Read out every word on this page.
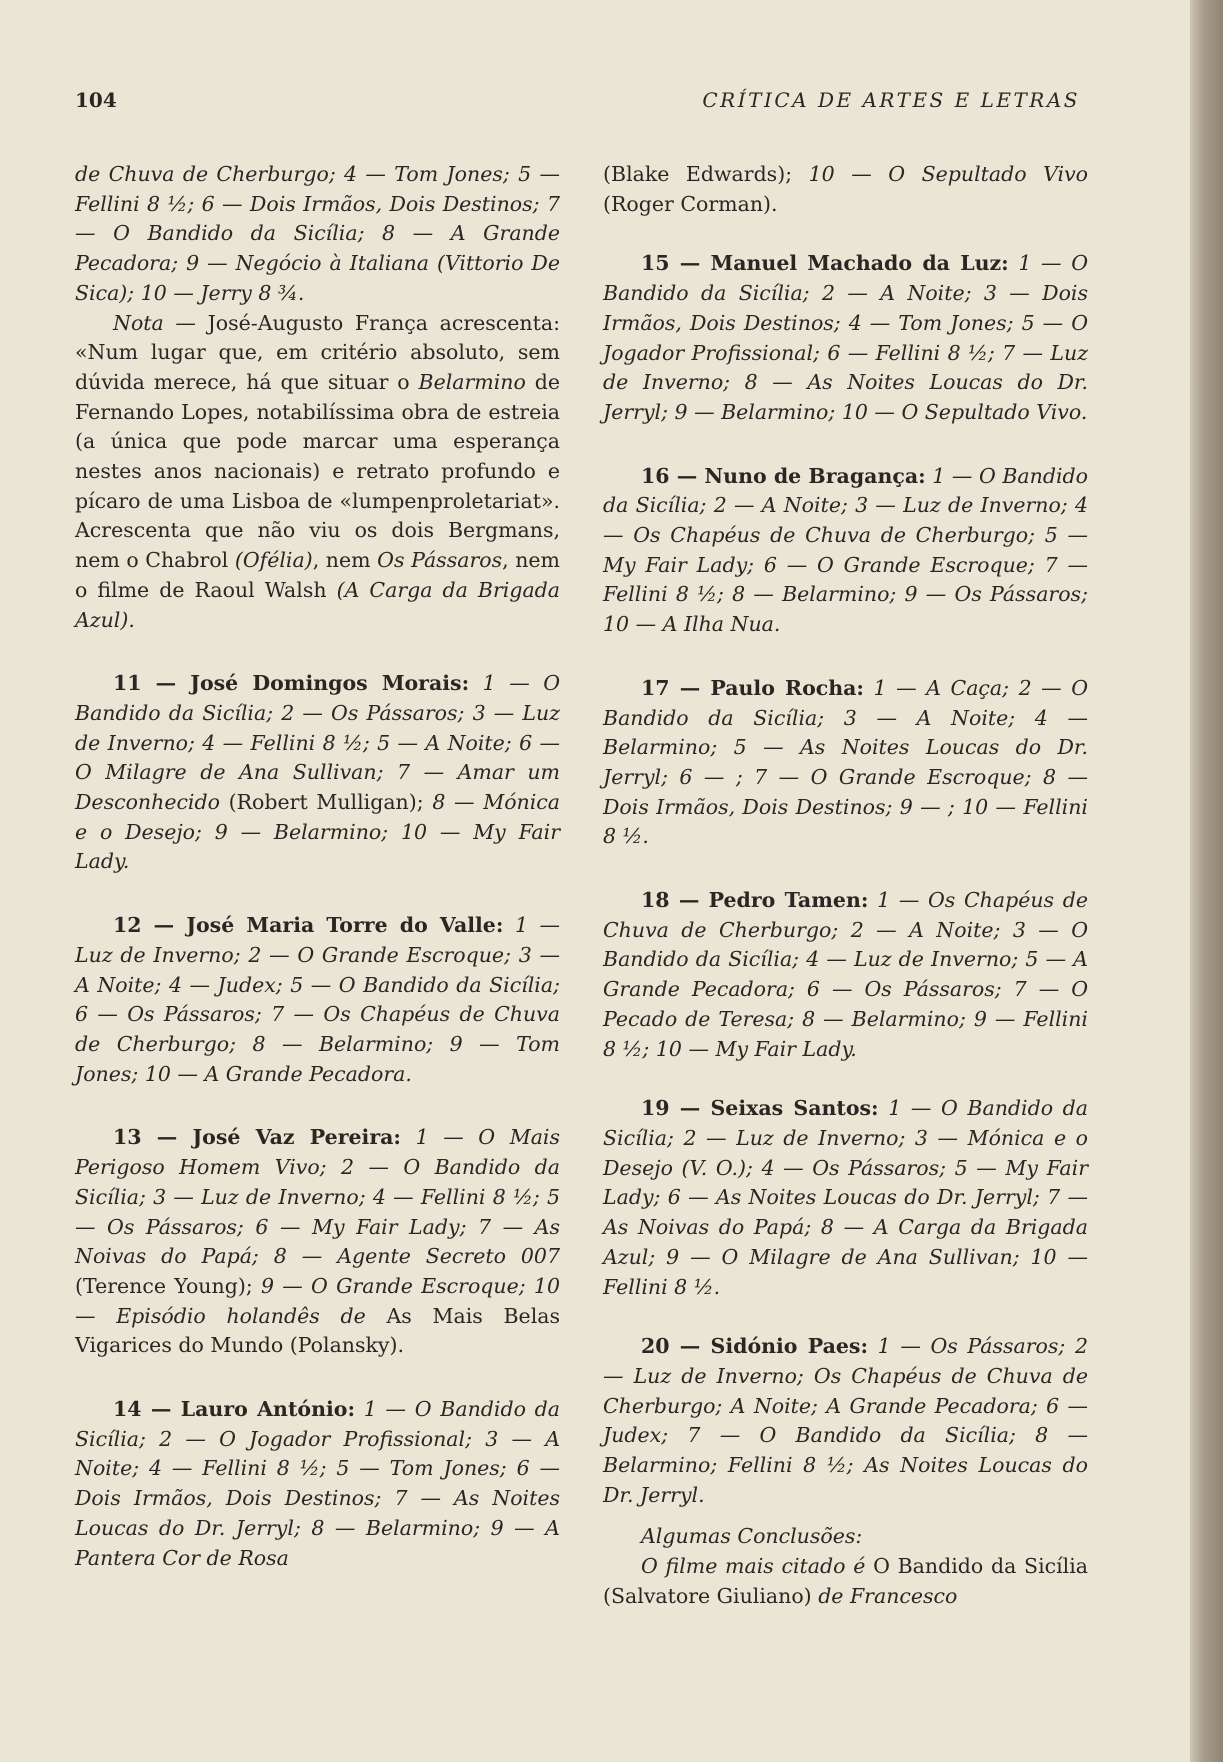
104	CRÍTICA DE ARTES E LETRAS

de Chuva de Cherburgo; 4 — Tom Jones; 5 — Fellini 8 ½; 6 — Dois Irmãos, Dois Destinos; 7 — O Bandido da Sicília; 8 — A Grande Pecadora; 9 — Negócio à Italiana (Vittorio De Sica); 10 — Jerry 8 ¾.

Nota — José-Augusto França acrescenta: «Num lugar que, em critério absoluto, sem dúvida merece, há que situar o Belarmino de Fernando Lopes, notabilíssima obra de estreia (a única que pode marcar uma esperança nestes anos nacionais) e retrato profundo e pícaro de uma Lisboa de «lumpenproletariat». Acrescenta que não viu os dois Bergmans, nem o Chabrol (Ofélia), nem Os Pássaros, nem o filme de Raoul Walsh (A Carga da Brigada Azul).

11 — José Domingos Morais: 1 — O Bandido da Sicília; 2 — Os Pássaros; 3 — Luz de Inverno; 4 — Fellini 8 ½; 5 — A Noite; 6 — O Milagre de Ana Sullivan; 7 — Amar um Desconhecido (Robert Mulligan); 8 — Mónica e o Desejo; 9 — Belarmino; 10 — My Fair Lady.

12 — José Maria Torre do Valle: 1 — Luz de Inverno; 2 — O Grande Escroque; 3 — A Noite; 4 — Judex; 5 — O Bandido da Sicília; 6 — Os Pássaros; 7 — Os Chapéus de Chuva de Cherburgo; 8 — Belarmino; 9 — Tom Jones; 10 — A Grande Pecadora.

13 — José Vaz Pereira: 1 — O Mais Perigoso Homem Vivo; 2 — O Bandido da Sicília; 3 — Luz de Inverno; 4 — Fellini 8 ½; 5 — Os Pássaros; 6 — My Fair Lady; 7 — As Noivas do Papá; 8 — Agente Secreto 007 (Terence Young); 9 — O Grande Escroque; 10 — Episódio holandês de As Mais Belas Vigarices do Mundo (Polansky).

14 — Lauro António: 1 — O Bandido da Sicília; 2 — O Jogador Profissional; 3 — A Noite; 4 — Fellini 8 ½; 5 — Tom Jones; 6 — Dois Irmãos, Dois Destinos; 7 — As Noites Loucas do Dr. Jerryl; 8 — Belarmino; 9 — A Pantera Cor de Rosa

(Blake Edwards); 10 — O Sepultado Vivo (Roger Corman).

15 — Manuel Machado da Luz: 1 — O Bandido da Sicília; 2 — A Noite; 3 — Dois Irmãos, Dois Destinos; 4 — Tom Jones; 5 — O Jogador Profissional; 6 — Fellini 8 ½; 7 — Luz de Inverno; 8 — As Noites Loucas do Dr. Jerryl; 9 — Belarmino; 10 — O Sepultado Vivo.

16 — Nuno de Bragança: 1 — O Bandido da Sicília; 2 — A Noite; 3 — Luz de Inverno; 4 — Os Chapéus de Chuva de Cherburgo; 5 — My Fair Lady; 6 — O Grande Escroque; 7 — Fellini 8 ½; 8 — Belarmino; 9 — Os Pássaros; 10 — A Ilha Nua.

17 — Paulo Rocha: 1 — A Caça; 2 — O Bandido da Sicília; 3 — A Noite; 4 — Belarmino; 5 — As Noites Loucas do Dr. Jerryl; 6 — ; 7 — O Grande Escroque; 8 — Dois Irmãos, Dois Destinos; 9 — ; 10 — Fellini 8 ½.

18 — Pedro Tamen: 1 — Os Chapéus de Chuva de Cherburgo; 2 — A Noite; 3 — O Bandido da Sicília; 4 — Luz de Inverno; 5 — A Grande Pecadora; 6 — Os Pássaros; 7 — O Pecado de Teresa; 8 — Belarmino; 9 — Fellini 8 ½; 10 — My Fair Lady.

19 — Seixas Santos: 1 — O Bandido da Sicília; 2 — Luz de Inverno; 3 — Mónica e o Desejo (V. O.); 4 — Os Pássaros; 5 — My Fair Lady; 6 — As Noites Loucas do Dr. Jerryl; 7 — As Noivas do Papá; 8 — A Carga da Brigada Azul; 9 — O Milagre de Ana Sullivan; 10 — Fellini 8 ½.

20 — Sidónio Paes: 1 — Os Pássaros; 2 — Luz de Inverno; Os Chapéus de Chuva de Cherburgo; A Noite; A Grande Pecadora; 6 — Judex; 7 — O Bandido da Sicília; 8 — Belarmino; Fellini 8 ½; As Noites Loucas do Dr. Jerryl.

Algumas Conclusões:

O filme mais citado é O Bandido da Sicília (Salvatore Giuliano) de Francesco
